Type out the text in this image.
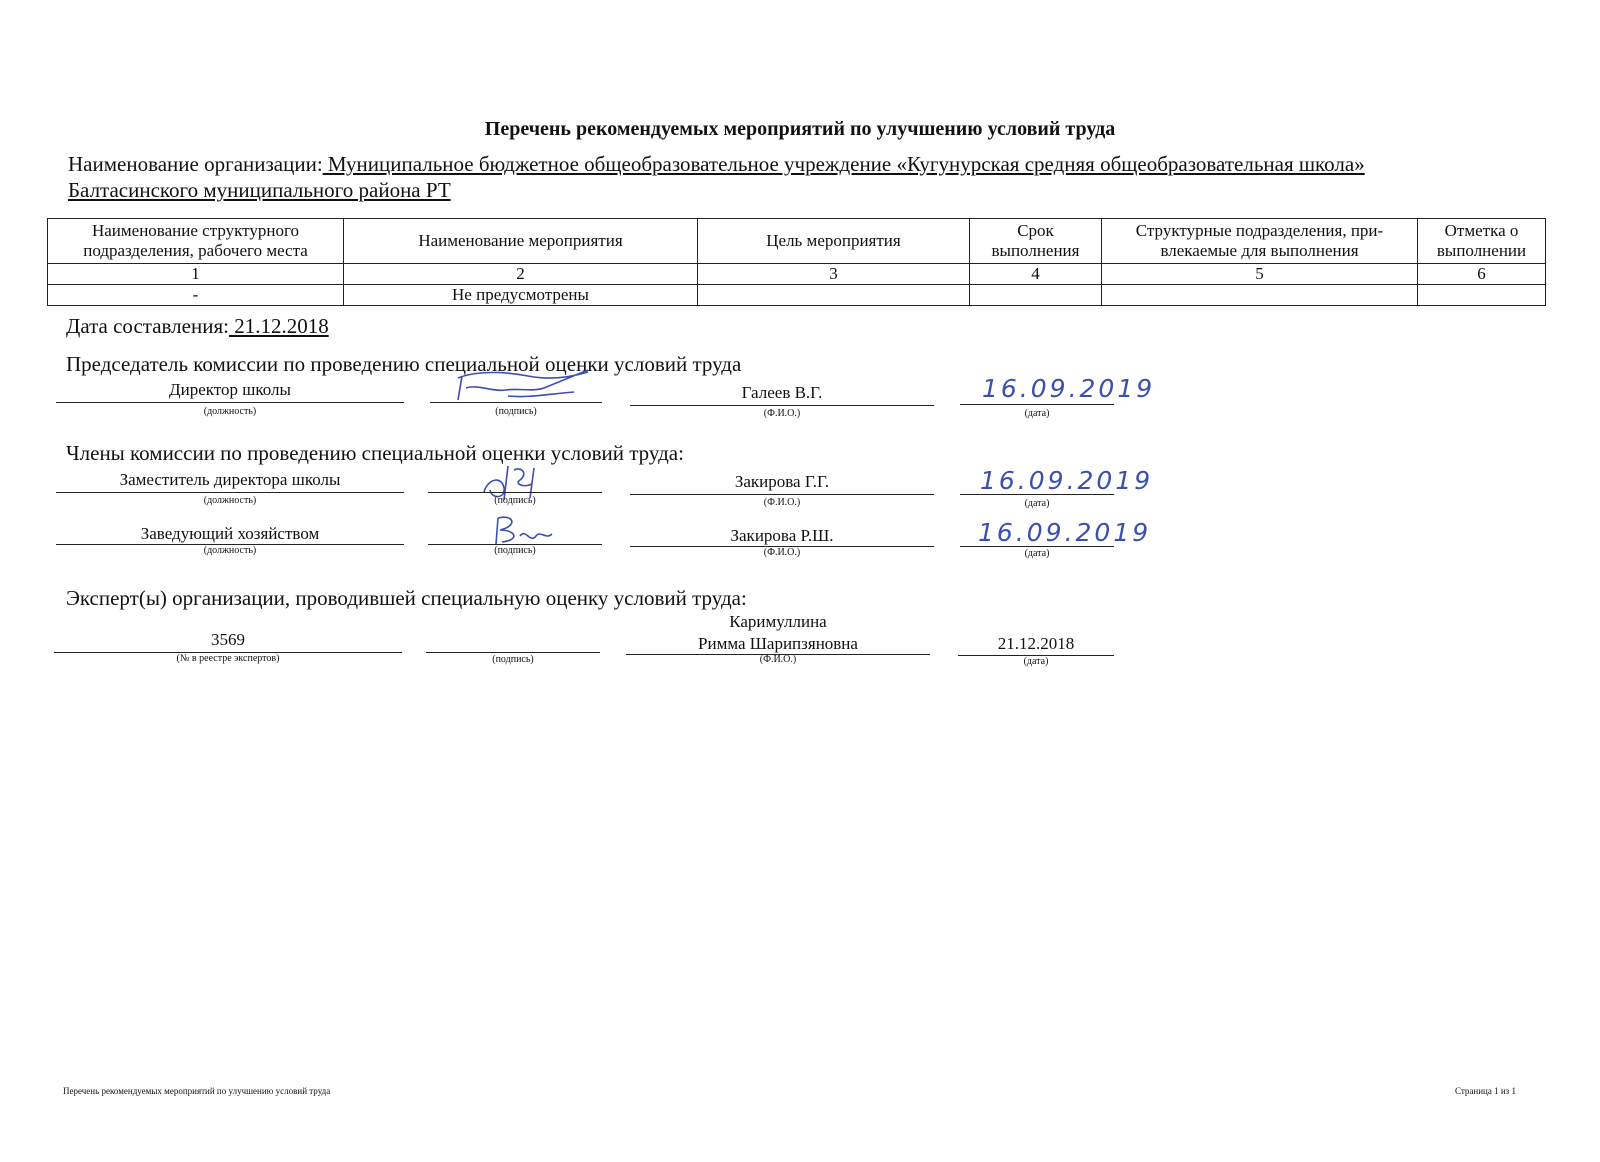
Перечень рекомендуемых мероприятий по улучшению условий труда
Наименование организации: Муниципальное бюджетное общеобразовательное учреждение «Кугунурская средняя общеобразовательная школа»
Балтасинского муниципального района РТ
Наименование структурного подразделения, рабочего места	Наименование мероприятия	Цель мероприятия	Срок выполнения	Структурные подразделения, при-влекаемые для выполнения	Отметка о выполнении
1	2	3	4	5	6
-	Не предусмотрены				
Дата составления: 21.12.2018
Председатель комиссии по проведению специальной оценки условий труда
Директор школы
(должность)	(подпись)
Галеев В.Г.
(Ф.И.О.)
16.09.2019
(дата)
Члены комиссии по проведению специальной оценки условий труда:
Заместитель директора школы
(должность)	(подпись)
Закирова Г.Г.
(Ф.И.О.)
16.09.2019
(дата)
Заведующий хозяйством
(должность)	(подпись)
Закирова Р.Ш.
(Ф.И.О.)
16.09.2019
(дата)
Эксперт(ы) организации, проводившей специальную оценку условий труда:
3569
(№ в реестре экспертов)	(подпись)
Каримуллина
Римма Шарипзяновна
(Ф.И.О.)
21.12.2018
(дата)
Перечень рекомендуемых мероприятий по улучшению условий труда	Страница 1 из 1
